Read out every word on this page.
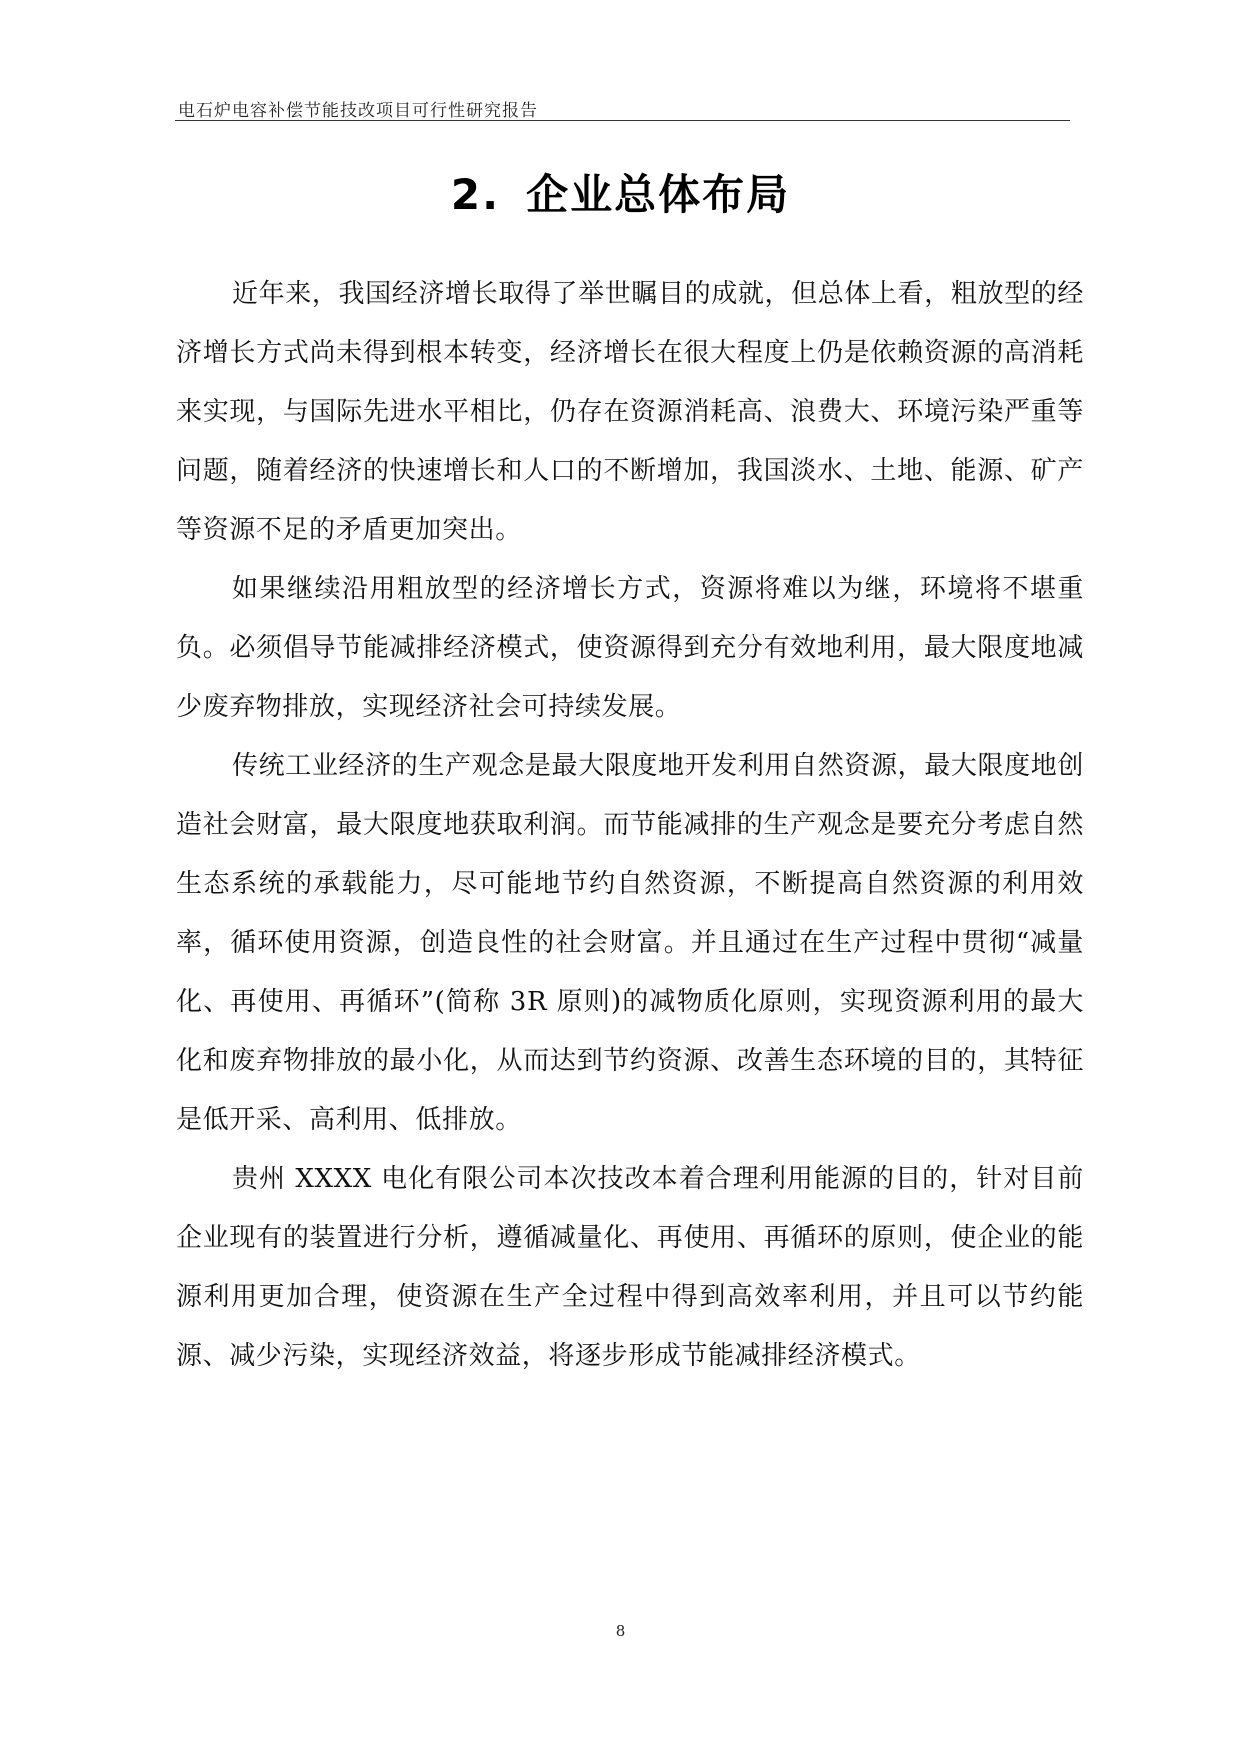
电石炉电容补偿节能技改项目可行性研究报告
2. 企业总体布局

近年来，我国经济增长取得了举世瞩目的成就，但总体上看，粗放型的经济增长方式尚未得到根本转变，经济增长在很大程度上仍是依赖资源的高消耗来实现，与国际先进水平相比，仍存在资源消耗高、浪费大、环境污染严重等问题，随着经济的快速增长和人口的不断增加，我国淡水、土地、能源、矿产等资源不足的矛盾更加突出。

如果继续沿用粗放型的经济增长方式，资源将难以为继，环境将不堪重负。必须倡导节能减排经济模式，使资源得到充分有效地利用，最大限度地减少废弃物排放，实现经济社会可持续发展。

传统工业经济的生产观念是最大限度地开发利用自然资源，最大限度地创造社会财富，最大限度地获取利润。而节能减排的生产观念是要充分考虑自然生态系统的承载能力，尽可能地节约自然资源，不断提高自然资源的利用效率，循环使用资源，创造良性的社会财富。并且通过在生产过程中贯彻“减量化、再使用、再循环”(简称 3R 原则)的减物质化原则，实现资源利用的最大化和废弃物排放的最小化，从而达到节约资源、改善生态环境的目的，其特征是低开采、高利用、低排放。

贵州 XXXX 电化有限公司本次技改本着合理利用能源的目的，针对目前企业现有的装置进行分析，遵循减量化、再使用、再循环的原则，使企业的能源利用更加合理，使资源在生产全过程中得到高效率利用，并且可以节约能源、减少污染，实现经济效益，将逐步形成节能减排经济模式。

8
